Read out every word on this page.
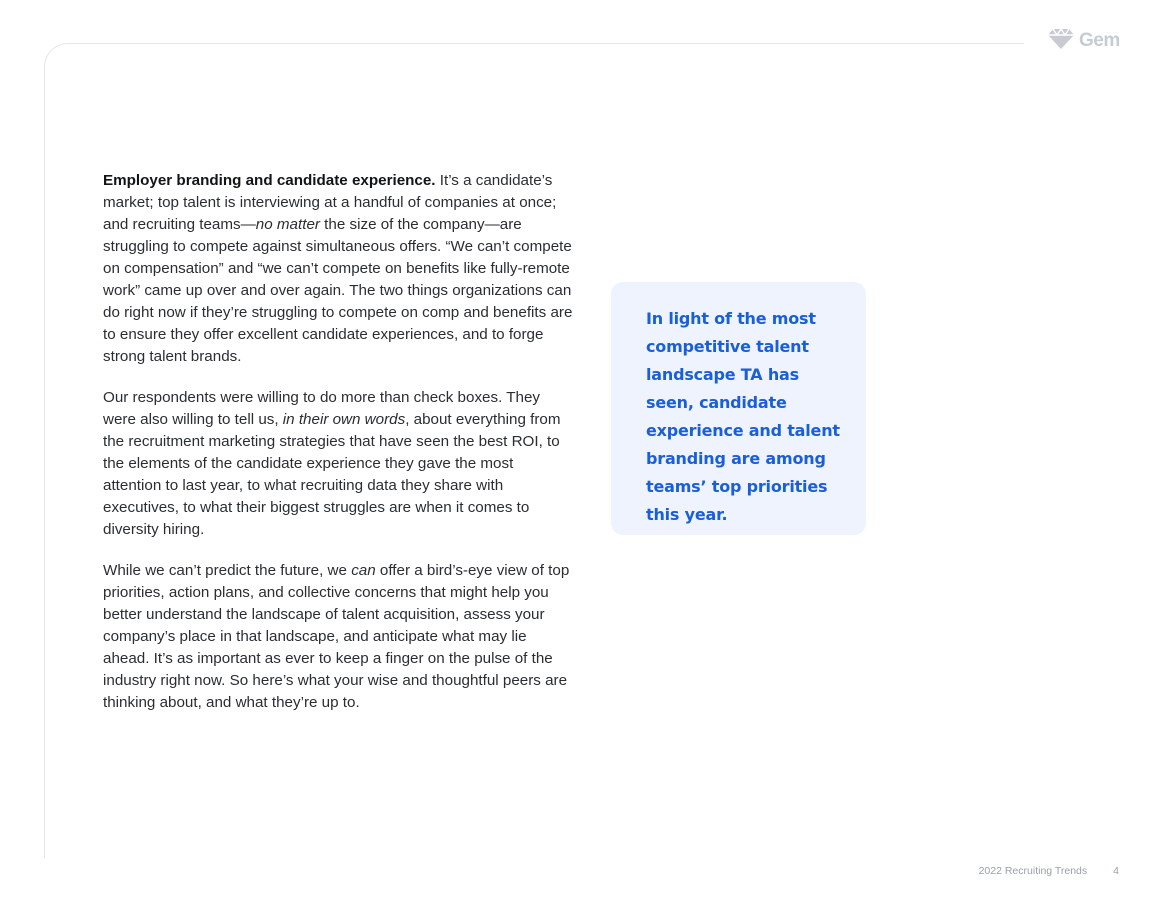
Gem

Employer branding and candidate experience. It’s a candidate’s market; top talent is interviewing at a handful of companies at once; and recruiting teams—no matter the size of the company—are struggling to compete against simultaneous offers. “We can’t compete on compensation” and “we can’t compete on benefits like fully-remote work” came up over and over again. The two things organizations can do right now if they’re struggling to compete on comp and benefits are to ensure they offer excellent candidate experiences, and to forge strong talent brands.

Our respondents were willing to do more than check boxes. They were also willing to tell us, in their own words, about everything from the recruitment marketing strategies that have seen the best ROI, to the elements of the candidate experience they gave the most attention to last year, to what recruiting data they share with executives, to what their biggest struggles are when it comes to diversity hiring.

While we can’t predict the future, we can offer a bird’s-eye view of top priorities, action plans, and collective concerns that might help you better understand the landscape of talent acquisition, assess your company’s place in that landscape, and anticipate what may lie ahead. It’s as important as ever to keep a finger on the pulse of the industry right now. So here’s what your wise and thoughtful peers are thinking about, and what they’re up to.

In light of the most competitive talent landscape TA has seen, candidate experience and talent branding are among teams’ top priorities this year.

2022 Recruiting Trends 4
